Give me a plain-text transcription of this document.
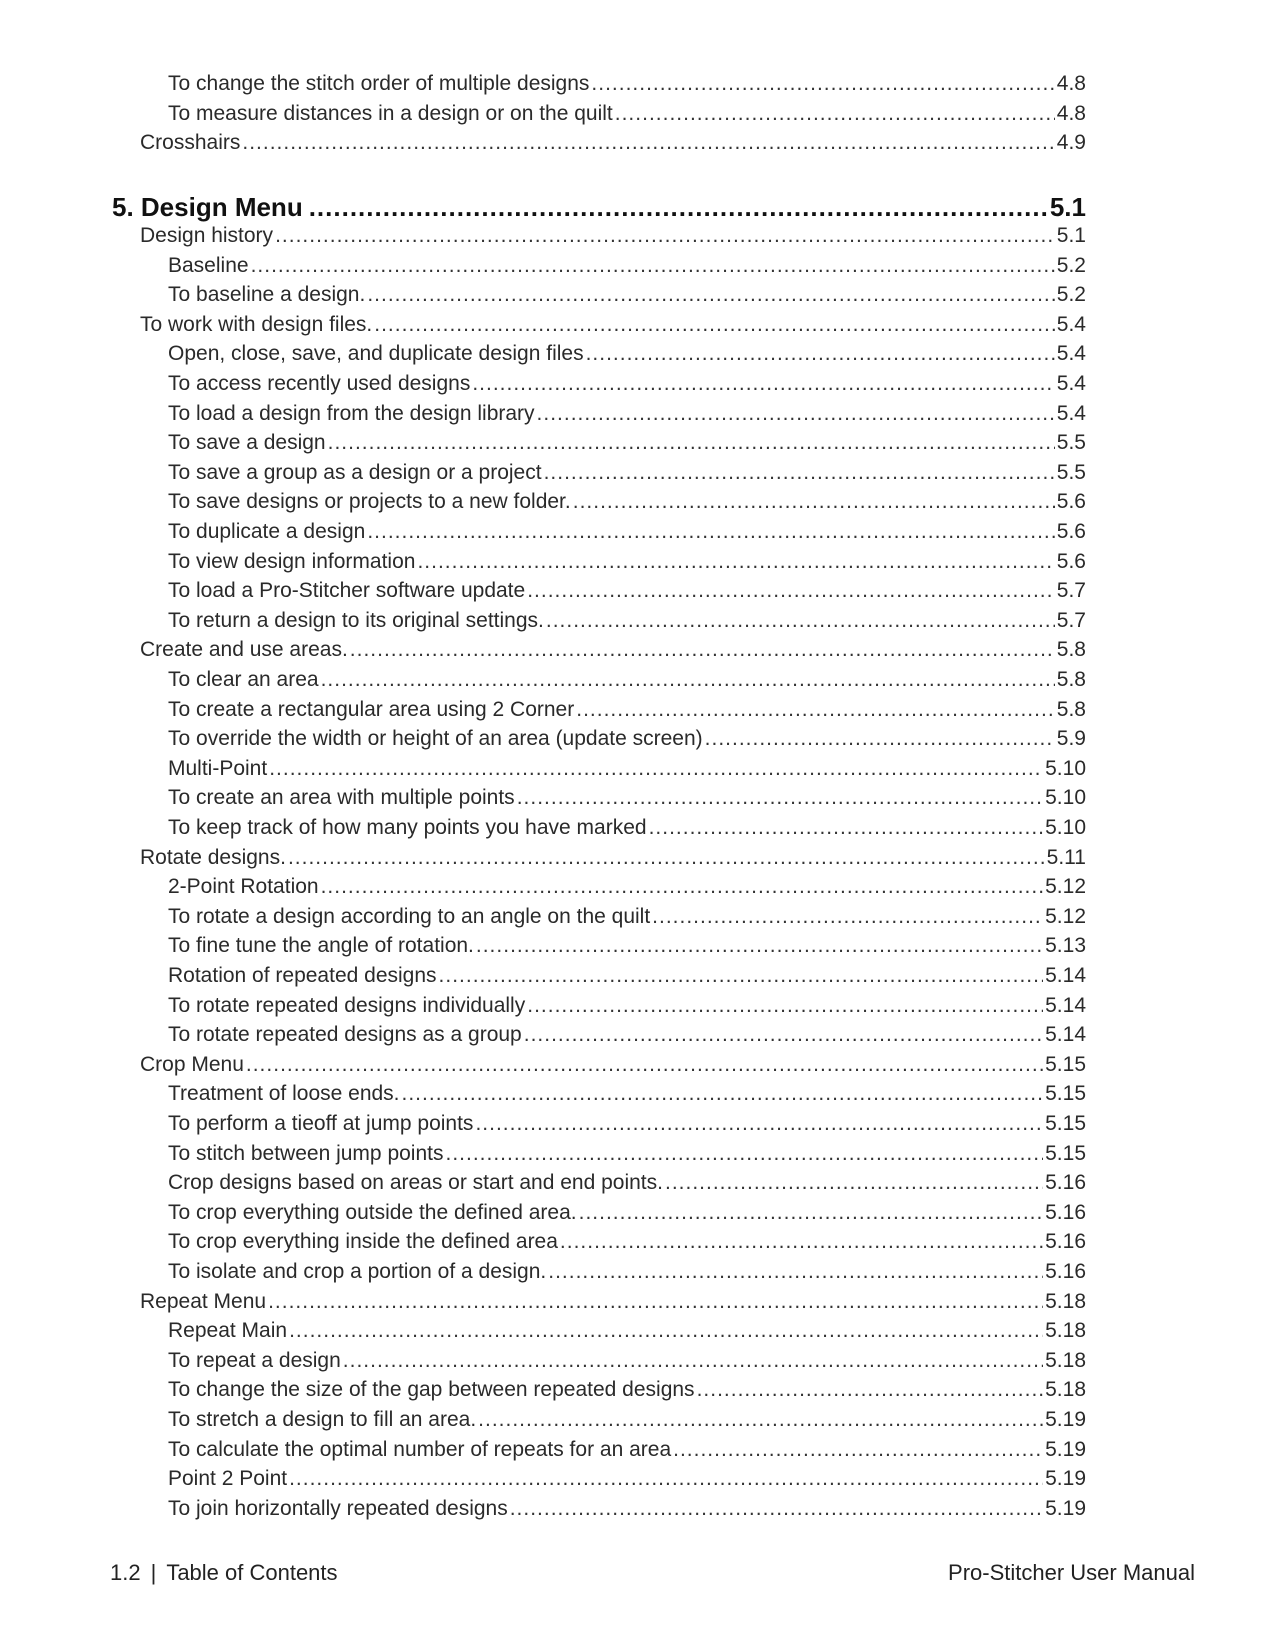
To change the stitch order of multiple designs .....	4.8
To measure distances in a design or on the quilt .....	4.8
Crosshairs .....	4.9
5. Design Menu .....	5.1
Design history .....	5.1
Baseline .....	5.2
To baseline a design. .....	5.2
To work with design files. .....	5.4
Open, close, save, and duplicate design files .....	5.4
To access recently used designs .....	5.4
To load a design from the design library .....	5.4
To save a design .....	5.5
To save a group as a design or a project .....	5.5
To save designs or projects to a new folder. .....	5.6
To duplicate a design .....	5.6
To view design information .....	5.6
To load a Pro-Stitcher software update .....	5.7
To return a design to its original settings. .....	5.7
Create and use areas. .....	5.8
To clear an area .....	5.8
To create a rectangular area using 2 Corner .....	5.8
To override the width or height of an area (update screen) .....	5.9
Multi-Point .....	5.10
To create an area with multiple points .....	5.10
To keep track of how many points you have marked .....	5.10
Rotate designs. .....	5.11
2-Point Rotation .....	5.12
To rotate a design according to an angle on the quilt .....	5.12
To fine tune the angle of rotation. .....	5.13
Rotation of repeated designs .....	5.14
To rotate repeated designs individually .....	5.14
To rotate repeated designs as a group .....	5.14
Crop Menu .....	5.15
Treatment of loose ends. .....	5.15
To perform a tieoff at jump points .....	5.15
To stitch between jump points .....	5.15
Crop designs based on areas or start and end points. .....	5.16
To crop everything outside the defined area. .....	5.16
To crop everything inside the defined area .....	5.16
To isolate and crop a portion of a design. .....	5.16
Repeat Menu .....	5.18
Repeat Main .....	5.18
To repeat a design .....	5.18
To change the size of the gap between repeated designs .....	5.18
To stretch a design to fill an area. .....	5.19
To calculate the optimal number of repeats for an area .....	5.19
Point 2 Point .....	5.19
To join horizontally repeated designs .....	5.19
1.2 | Table of Contents	Pro-Stitcher User Manual
